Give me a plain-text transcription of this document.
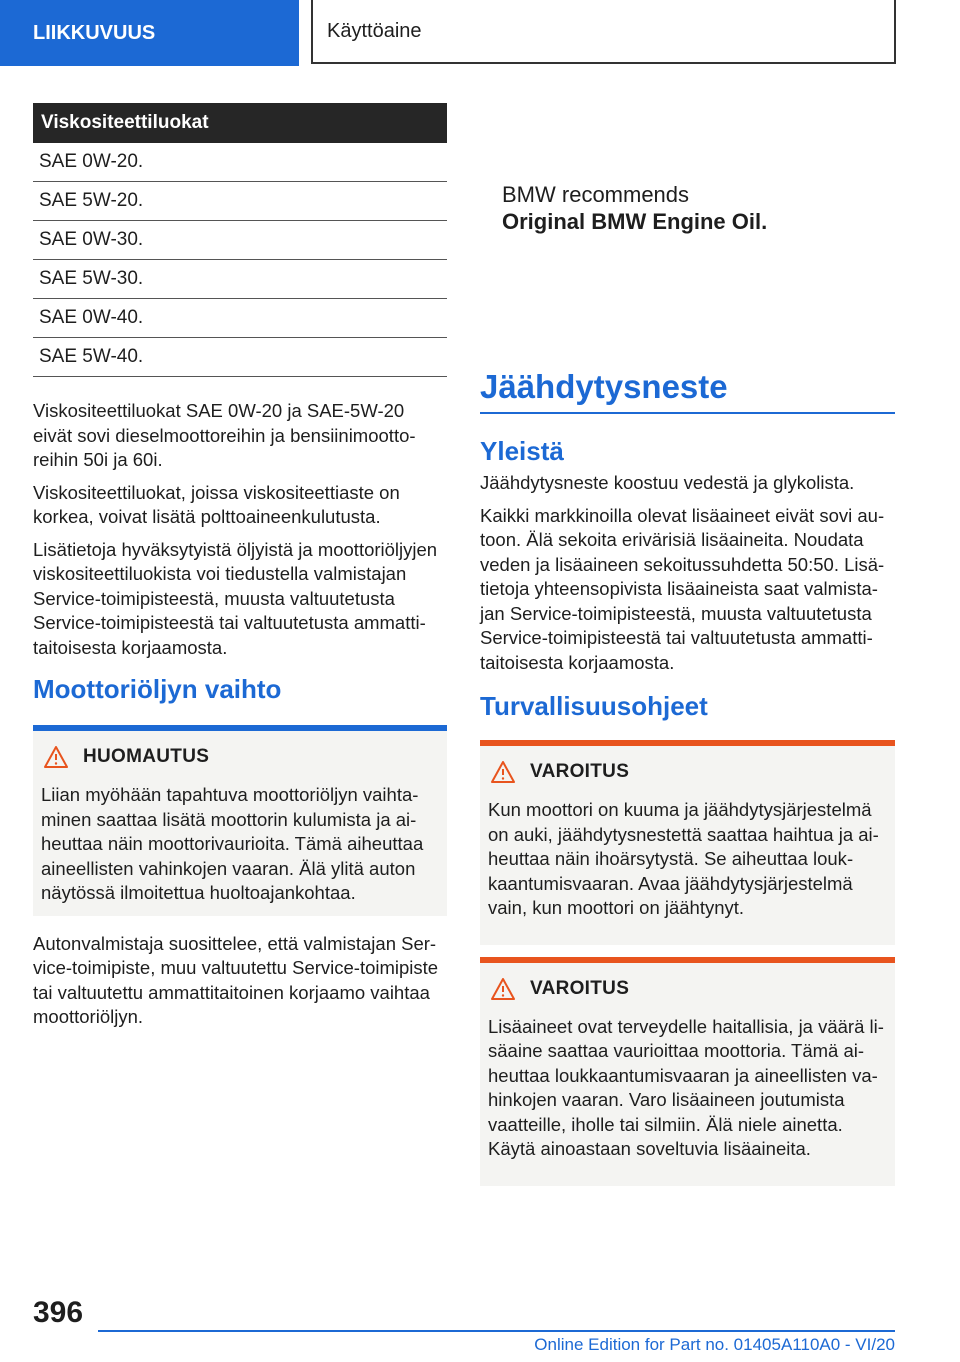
LIIKKUVUUS	Käyttöaine
Viskositeettiluokat
SAE 0W-20.
SAE 5W-20.
SAE 0W-30.
SAE 5W-30.
SAE 0W-40.
SAE 5W-40.

Viskositeettiluokat SAE 0W-20 ja SAE-5W-20 eivät sovi dieselmoottoreihin ja bensiinimoottoreihin 50i ja 60i.

Viskositeettiluokat, joissa viskositeettiaste on korkea, voivat lisätä polttoaineenkulutusta.

Lisätietoja hyväksytyistä öljyistä ja moottoriöljyjen viskositeettiluokista voi tiedustella valmistajan Service-toimipisteestä, muusta valtuutetusta Service-toimipisteestä tai valtuutetusta ammattitaitoisesta korjaamosta.

Moottoriöljyn vaihto
HUOMAUTUS

Liian myöhään tapahtuva moottoriöljyn vaihtaminen saattaa lisätä moottorin kulumista ja aiheuttaa näin moottorivaurioita. Tämä aiheuttaa aineellisten vahinkojen vaaran. Älä ylitä auton näytössä ilmoitettua huoltoajankohtaa.

Autonvalmistaja suosittelee, että valmistajan Service-toimipiste, muu valtuutettu Service-toimipiste tai valtuutettu ammattitaitoinen korjaamo vaihtaa moottoriöljyn.

BMW recommends
Original BMW Engine Oil.
Jäähdytysneste
Yleistä

Jäähdytysneste koostuu vedestä ja glykolista.

Kaikki markkinoilla olevat lisäaineet eivät sovi autoon. Älä sekoita erivärisiä lisäaineita. Noudata veden ja lisäaineen sekoitussuhdetta 50:50. Lisätietoja yhteensopivista lisäaineista saat valmistajan Service-toimipisteestä, muusta valtuutetusta Service-toimipisteestä tai valtuutetusta ammattitaitoisesta korjaamosta.

Turvallisuusohjeet
VAROITUS

Kun moottori on kuuma ja jäähdytysjärjestelmä on auki, jäähdytysnestettä saattaa haihtua ja aiheuttaa näin ihoärsytystä. Se aiheuttaa loukkaantumisvaaran. Avaa jäähdytysjärjestelmä vain, kun moottori on jäähtynyt.

VAROITUS

Lisäaineet ovat terveydelle haitallisia, ja väärä lisäaine saattaa vaurioittaa moottoria. Tämä aiheuttaa loukkaantumisvaaran ja aineellisten vahinkojen vaaran. Varo lisäaineen joutumista vaatteille, iholle tai silmiin. Älä niele ainetta. Käytä ainoastaan soveltuvia lisäaineita.

396
Online Edition for Part no. 01405A110A0 - VI/20
